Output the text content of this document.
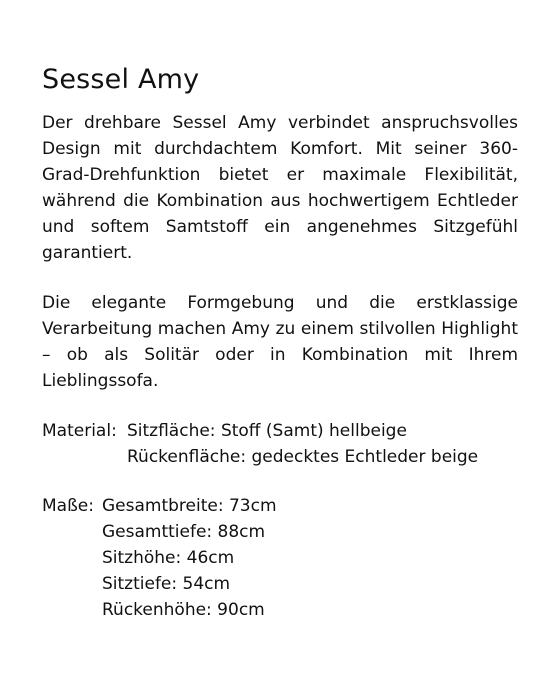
Sessel Amy

Der drehbare Sessel Amy verbindet anspruchsvolles Design mit durchdachtem Komfort. Mit seiner 360-Grad-Drehfunktion bietet er maximale Flexibilität, während die Kombination aus hochwertigem Echtleder und softem Samtstoff ein angenehmes Sitzgefühl garantiert.

Die elegante Formgebung und die erstklassige Verarbeitung machen Amy zu einem stilvollen Highlight – ob als Solitär oder in Kombination mit Ihrem Lieblingssofa.

Material: Sitzfläche: Stoff (Samt) hellbeige
Rückenfläche: gedecktes Echtleder beige
Maße: Gesamtbreite: 73cm
Gesamttiefe: 88cm
Sitzhöhe: 46cm
Sitztiefe: 54cm
Rückenhöhe: 90cm
